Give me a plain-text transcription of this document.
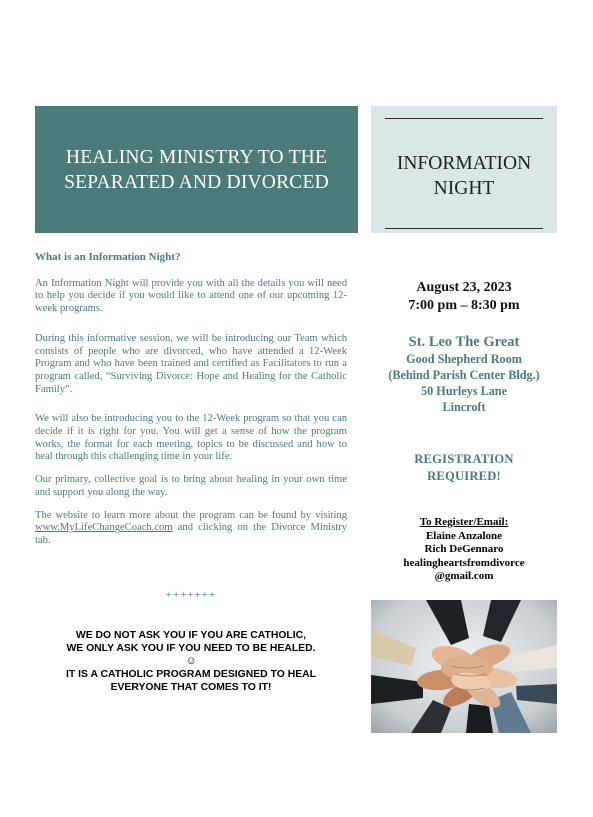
HEALING MINISTRY TO THE
SEPARATED AND DIVORCED
INFORMATION
NIGHT
What is an Information Night?

An Information Night will provide you with all the details you will need to help you decide if you would like to attend one of our upcoming 12-week programs.

During this informative session, we will be introducing our Team which consists of people who are divorced, who have attended a 12-Week Program and who have been trained and certified as Facilitators to run a program called, “Surviving Divorce: Hope and Healing for the Catholic Family”.

We will also be introducing you to the 12-Week program so that you can decide if it is right for you. You will get a sense of how the program works, the format for each meeting, topics to be discussed and how to heal through this challenging time in your life.

Our primary, collective goal is to bring about healing in your own time and support you along the way.

The website to learn more about the program can be found by visiting www.MyLifeChangeCoach.com and clicking on the Divorce Ministry tab.

+++++++
WE DO NOT ASK YOU IF YOU ARE CATHOLIC,
WE ONLY ASK YOU IF YOU NEED TO BE HEALED.
☺
IT IS A CATHOLIC PROGRAM DESIGNED TO HEAL
EVERYONE THAT COMES TO IT!
August 23, 2023
7:00 pm – 8:30 pm
St. Leo The Great
Good Shepherd Room
(Behind Parish Center Bldg.)
50 Hurleys Lane
Lincroft
REGISTRATION
REQUIRED!
To Register/Email:
Elaine Anzalone
Rich DeGennaro
healingheartsfromdivorce
@gmail.com
